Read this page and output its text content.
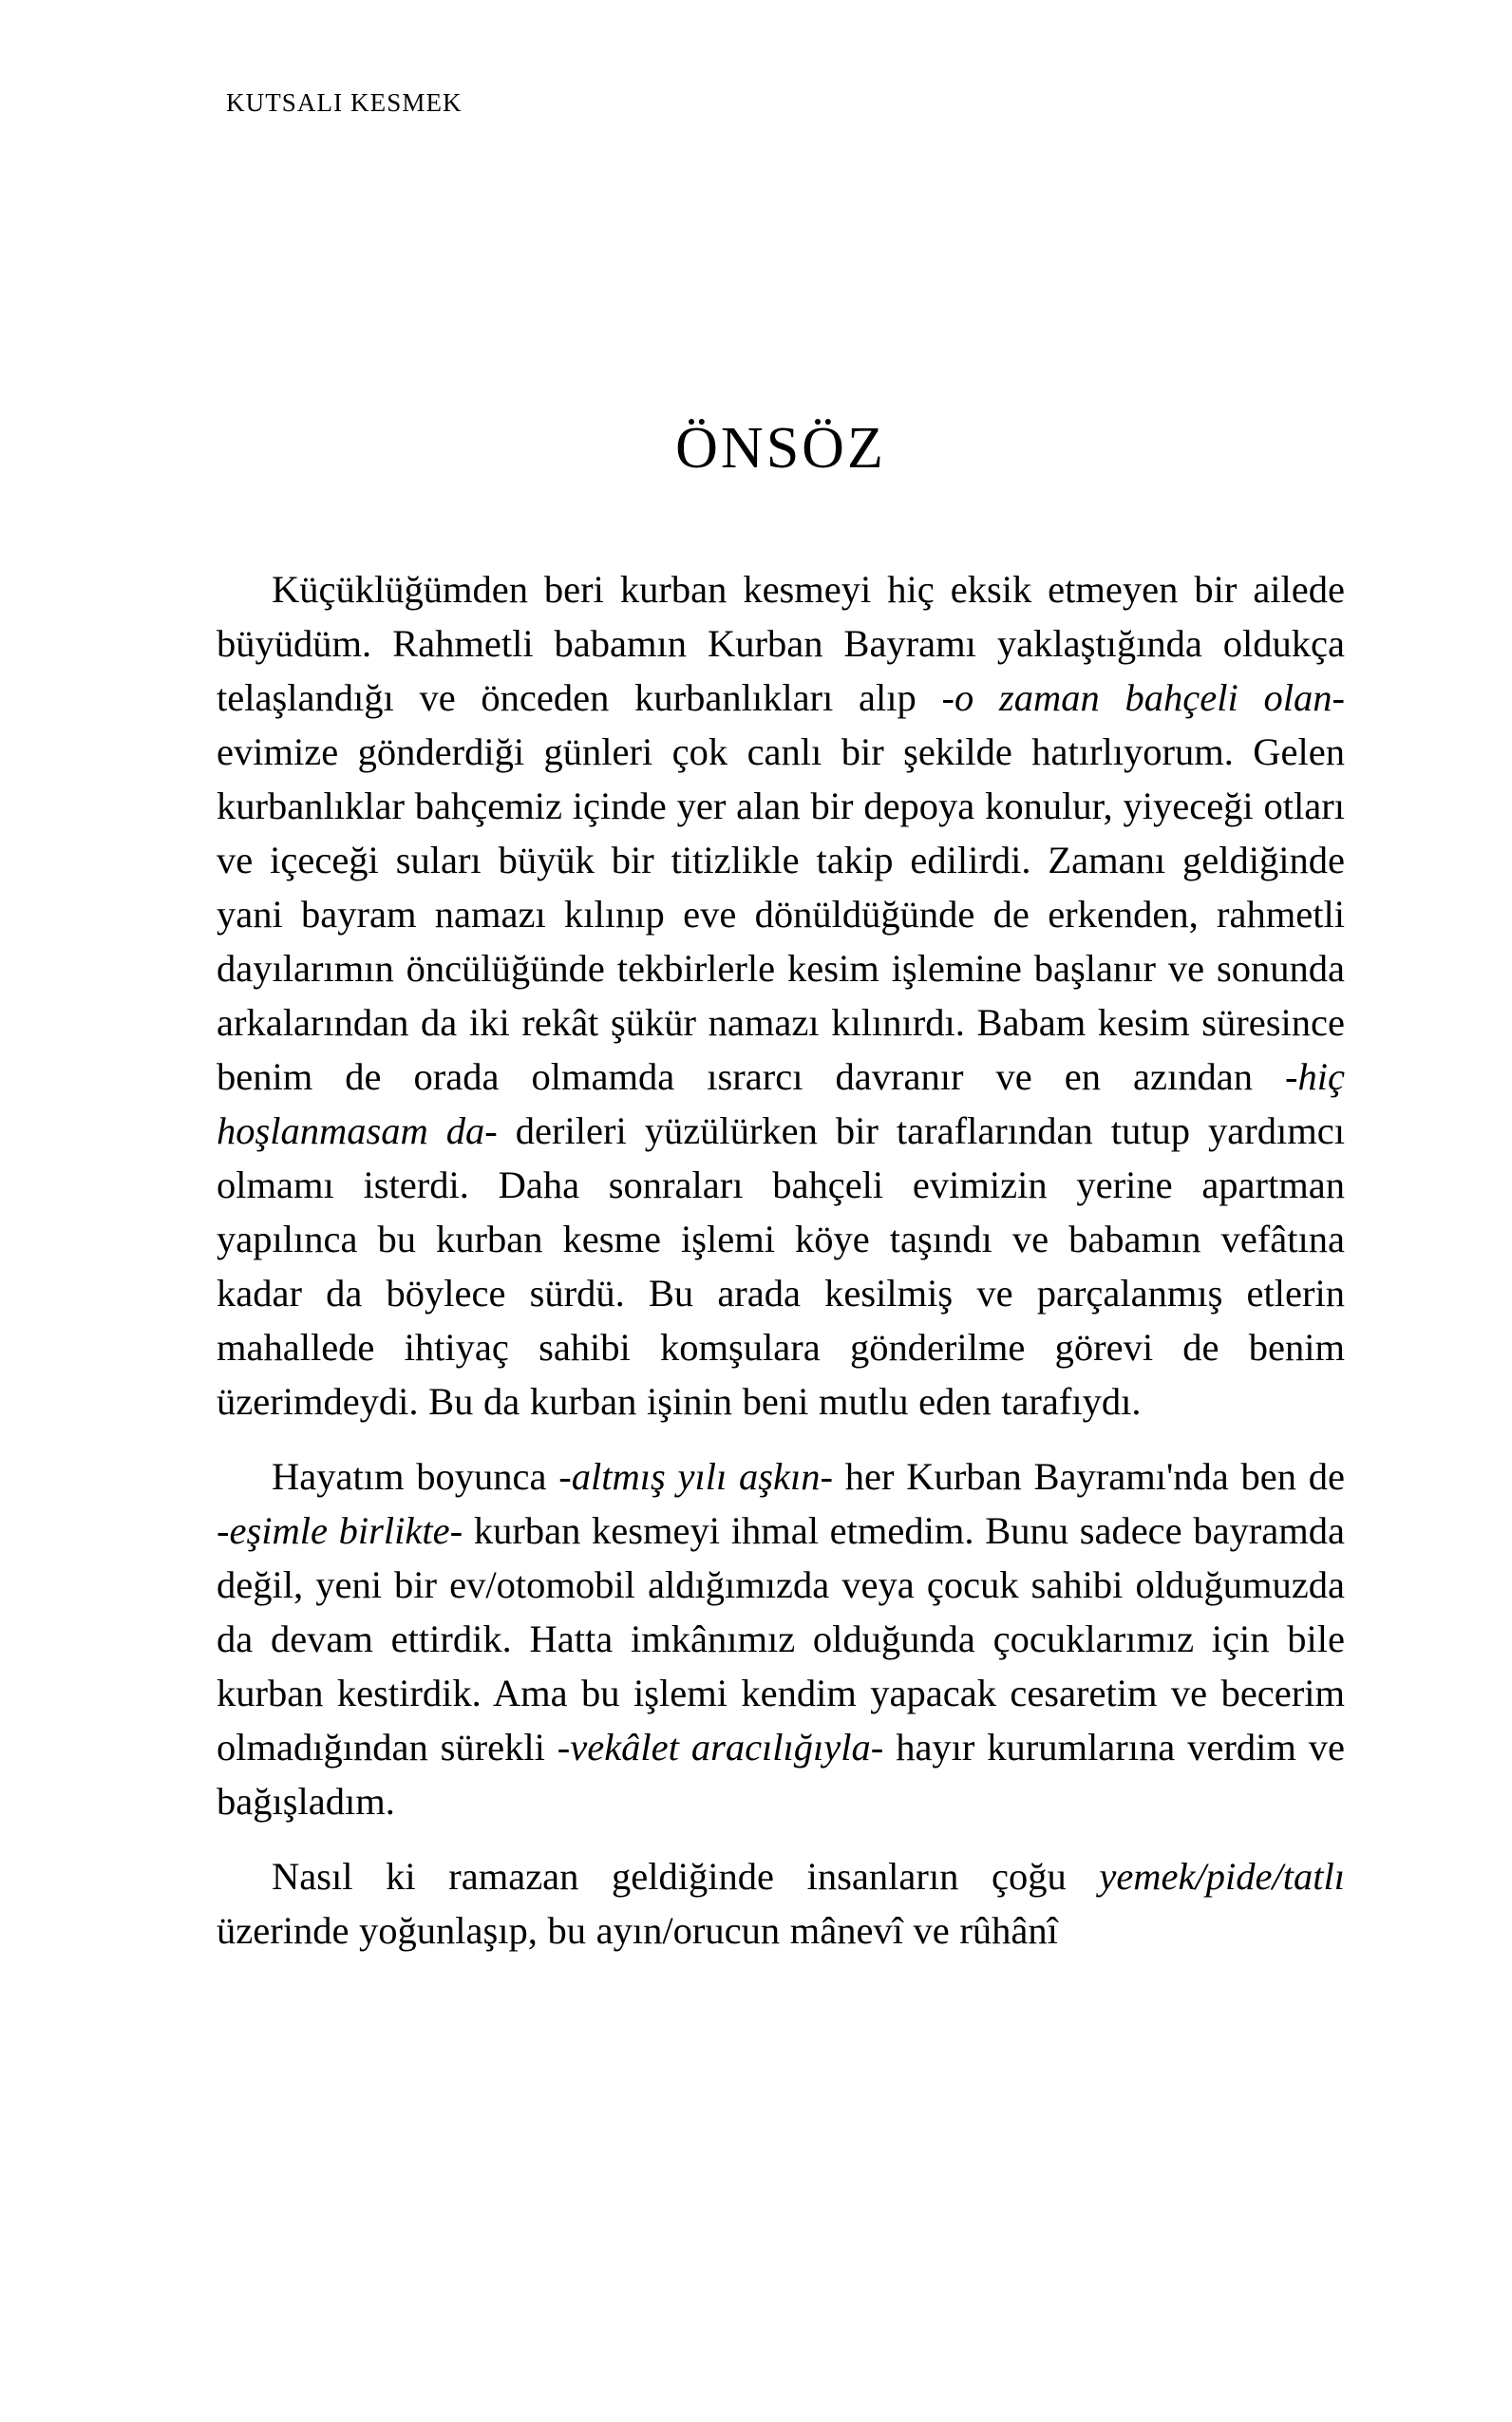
KUTSALI KESMEK
ÖNSÖZ

Küçüklüğümden beri kurban kesmeyi hiç eksik etmeyen bir ailede büyüdüm. Rahmetli babamın Kurban Bayramı yaklaştığında oldukça telaşlandığı ve önceden kurbanlıkları alıp -o zaman bahçeli olan- evimize gönderdiği günleri çok canlı bir şekilde hatırlıyorum. Gelen kurbanlıklar bahçemiz içinde yer alan bir depoya konulur, yiyeceği otları ve içeceği suları büyük bir titizlikle takip edilirdi. Zamanı geldiğinde yani bayram namazı kılınıp eve dönüldüğünde de erkenden, rahmetli dayılarımın öncülüğünde tekbirlerle kesim işlemine başlanır ve sonunda arkalarından da iki rekât şükür namazı kılınırdı. Babam kesim süresince benim de orada olmamda ısrarcı davranır ve en azından -hiç hoşlanmasam da- derileri yüzülürken bir taraflarından tutup yardımcı olmamı isterdi. Daha sonraları bahçeli evimizin yerine apartman yapılınca bu kurban kesme işlemi köye taşındı ve babamın vefâtına kadar da böylece sürdü. Bu arada kesilmiş ve parçalanmış etlerin mahallede ihtiyaç sahibi komşulara gönderilme görevi de benim üzerimdeydi. Bu da kurban işinin beni mutlu eden tarafıydı.

Hayatım boyunca -altmış yılı aşkın- her Kurban Bayramı'nda ben de -eşimle birlikte- kurban kesmeyi ihmal etmedim. Bunu sadece bayramda değil, yeni bir ev/otomobil aldığımızda veya çocuk sahibi olduğumuzda da devam ettirdik. Hatta imkânımız olduğunda çocuklarımız için bile kurban kestirdik. Ama bu işlemi kendim yapacak cesaretim ve becerim olmadığından sürekli -vekâlet aracılığıyla- hayır kurumlarına verdim ve bağışladım.

Nasıl ki ramazan geldiğinde insanların çoğu yemek/pide/tatlı üzerinde yoğunlaşıp, bu ayın/orucun mânevî ve rûhânî
